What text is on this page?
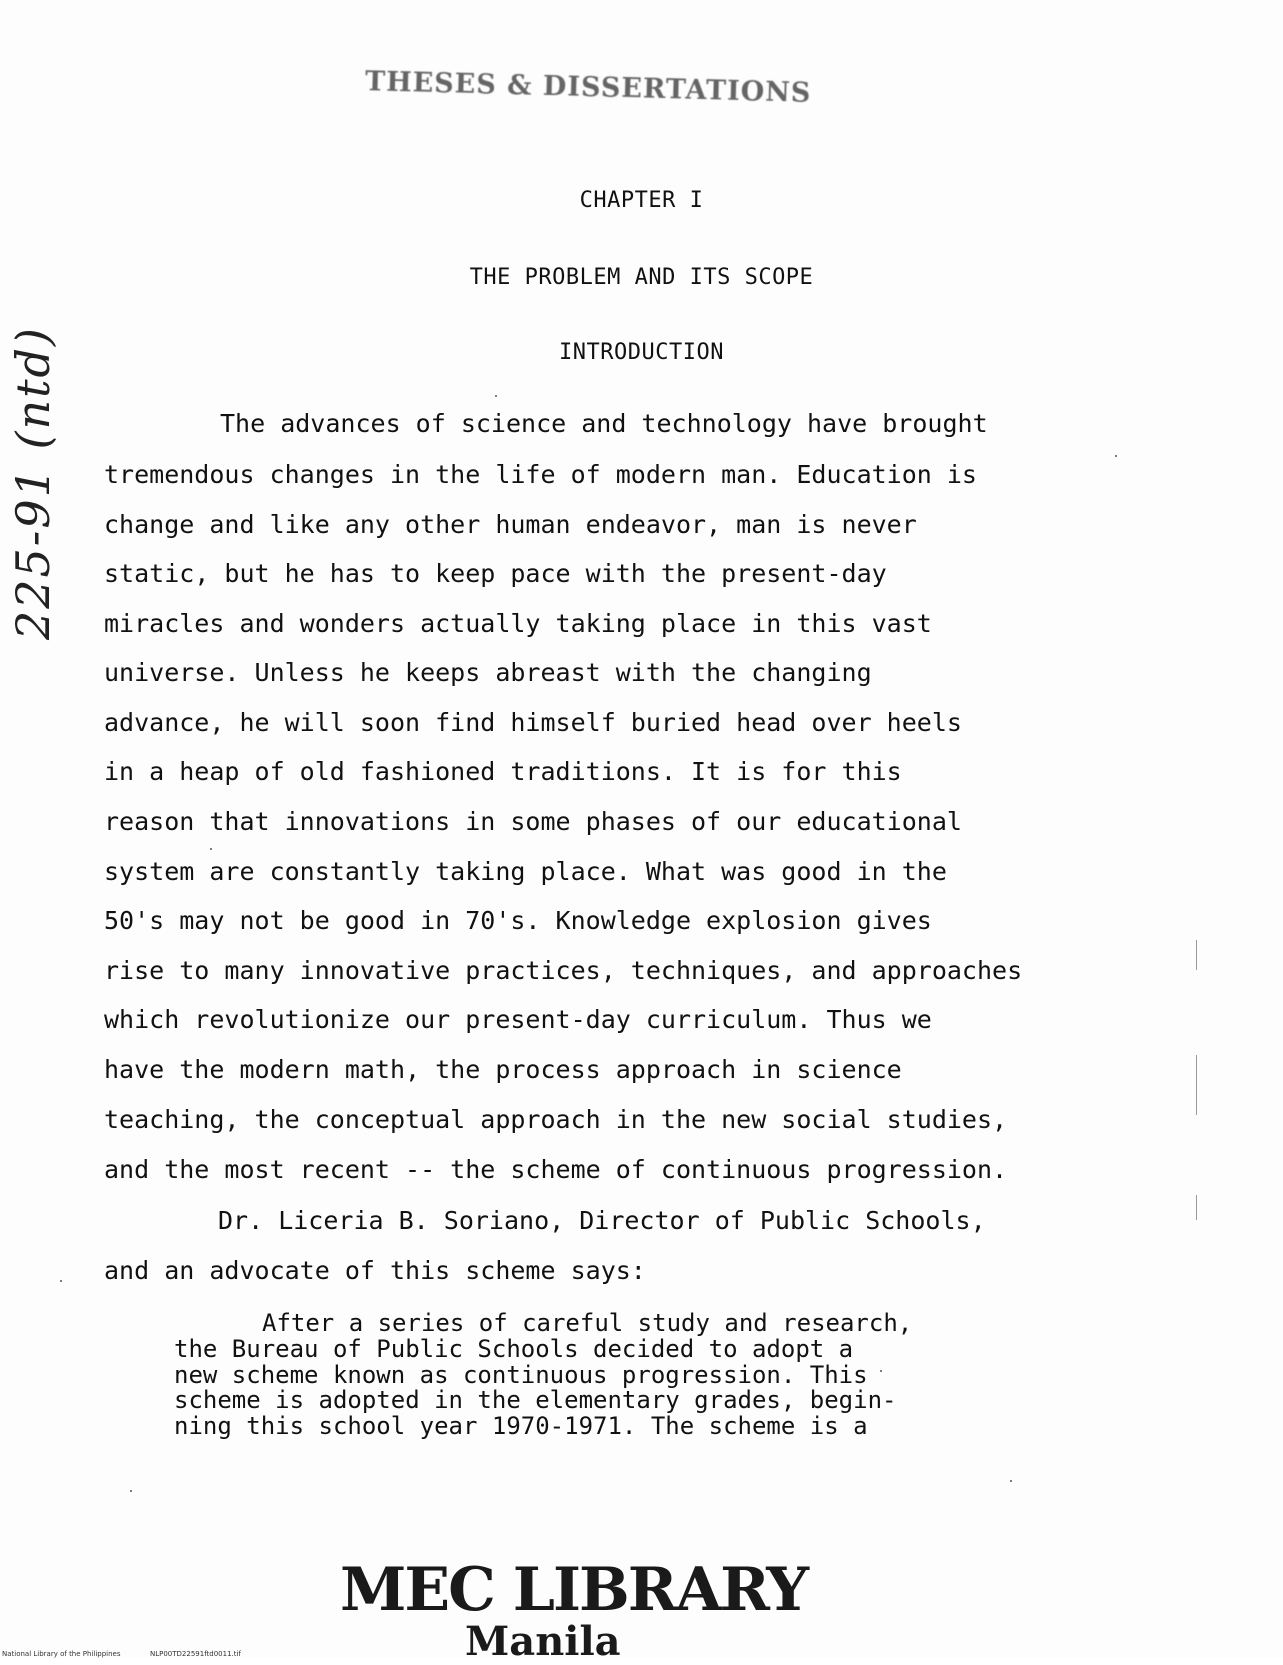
THESES & DISSERTATIONS
CHAPTER I
THE PROBLEM AND ITS SCOPE
INTRODUCTION
The advances of science and technology have brought
tremendous changes in the life of modern man. Education is
change and like any other human endeavor, man is never
static, but he has to keep pace with the present-day
miracles and wonders actually taking place in this vast
universe. Unless he keeps abreast with the changing
advance, he will soon find himself buried head over heels
in a heap of old fashioned traditions. It is for this
reason that innovations in some phases of our educational
system are constantly taking place. What was good in the
50's may not be good in 70's. Knowledge explosion gives
rise to many innovative practices, techniques, and approaches
which revolutionize our present-day curriculum. Thus we
have the modern math, the process approach in science
teaching, the conceptual approach in the new social studies,
and the most recent -- the scheme of continuous progression.
Dr. Liceria B. Soriano, Director of Public Schools,
and an advocate of this scheme says:
After a series of careful study and research,
the Bureau of Public Schools decided to adopt a
new scheme known as continuous progression. This
scheme is adopted in the elementary grades, begin-
ning this school year 1970-1971. The scheme is a
225-91 (ntd)
MEC LIBRARY
Manila
National Library of the Philippines	NLP00TD22591ftd0011.tif
